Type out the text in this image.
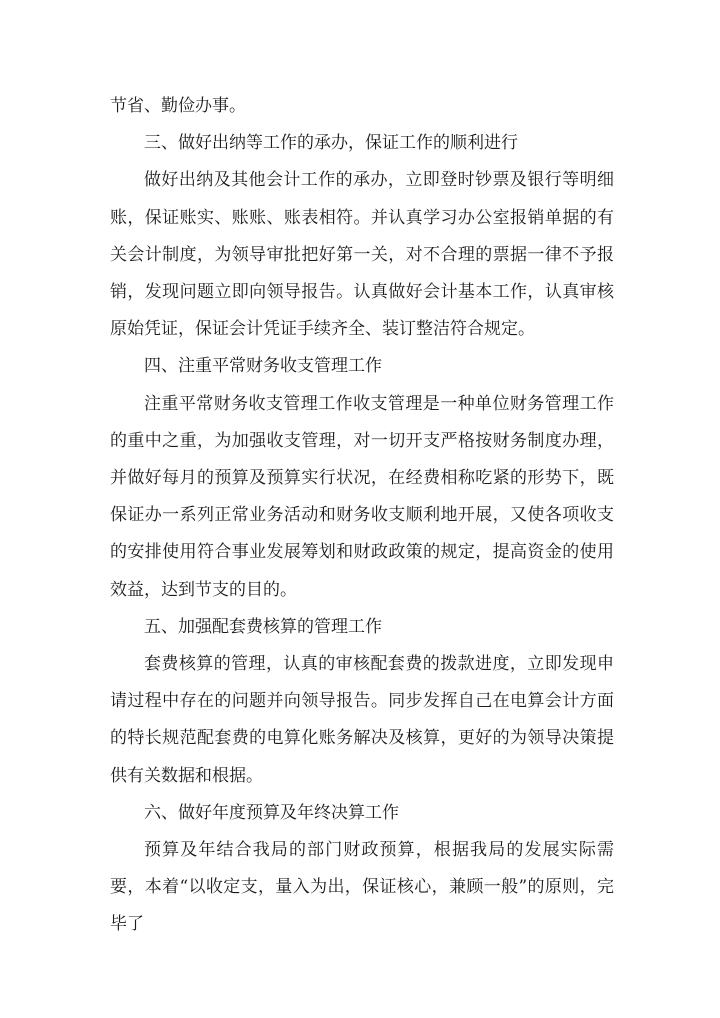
节省、勤俭办事。

三、做好出纳等工作的承办，保证工作的顺利进行

做好出纳及其他会计工作的承办，立即登时钞票及银行等明细账，保证账实、账账、账表相符。并认真学习办公室报销单据的有关会计制度，为领导审批把好第一关，对不合理的票据一律不予报销，发现问题立即向领导报告。认真做好会计基本工作，认真审核原始凭证，保证会计凭证手续齐全、装订整洁符合规定。

四、注重平常财务收支管理工作

注重平常财务收支管理工作收支管理是一种单位财务管理工作的重中之重，为加强收支管理，对一切开支严格按财务制度办理，并做好每月的预算及预算实行状况，在经费相称吃紧的形势下，既保证办一系列正常业务活动和财务收支顺利地开展，又使各项收支的安排使用符合事业发展筹划和财政政策的规定，提高资金的使用效益，达到节支的目的。

五、加强配套费核算的管理工作

套费核算的管理，认真的审核配套费的拨款进度，立即发现申请过程中存在的问题并向领导报告。同步发挥自己在电算会计方面的特长规范配套费的电算化账务解决及核算，更好的为领导决策提供有关数据和根据。

六、做好年度预算及年终决算工作

预算及年结合我局的部门财政预算，根据我局的发展实际需要，本着“以收定支，量入为出，保证核心，兼顾一般”的原则，完毕了
